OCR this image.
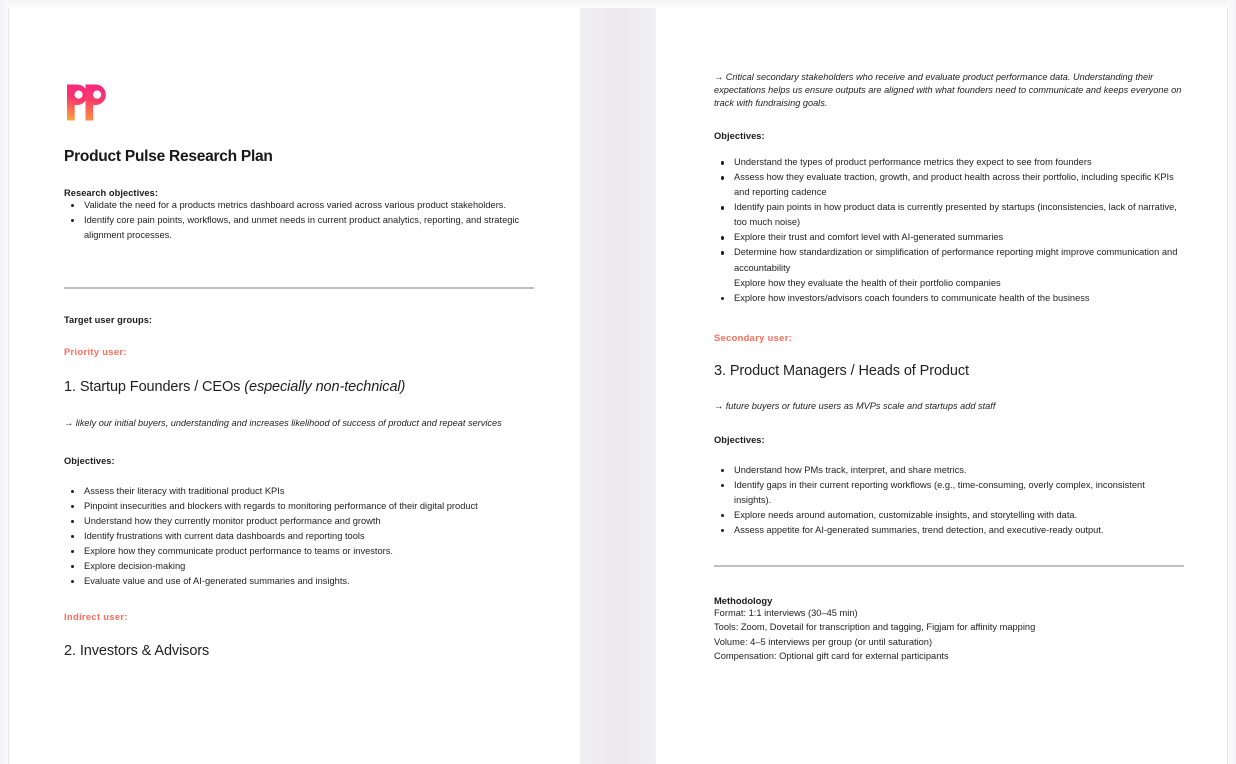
Product Pulse Research Plan
Research objectives:
Validate the need for a products metrics dashboard across varied across various product stakeholders.
Identify core pain points, workflows, and unmet needs in current product analytics, reporting, and strategic alignment processes.
Target user groups:
Priority user:
1. Startup Founders / CEOs (especially non-technical)
→ likely our initial buyers, understanding and increases likelihood of success of product and repeat services
Objectives:
Assess their literacy with traditional product KPIs
Pinpoint insecurities and blockers with regards to monitoring performance of their digital product
Understand how they currently monitor product performance and growth
Identify frustrations with current data dashboards and reporting tools
Explore how they communicate product performance to teams or investors.
Explore decision-making
Evaluate value and use of AI-generated summaries and insights.
Indirect user:
2. Investors & Advisors
→ Critical secondary stakeholders who receive and evaluate product performance data. Understanding their expectations helps us ensure outputs are aligned with what founders need to communicate and keeps everyone on track with fundraising goals.
Objectives:
Understand the types of product performance metrics they expect to see from founders
Assess how they evaluate traction, growth, and product health across their portfolio, including specific KPIs and reporting cadence
Identify pain points in how product data is currently presented by startups (inconsistencies, lack of narrative, too much noise)
Explore their trust and comfort level with AI-generated summaries
Determine how standardization or simplification of performance reporting might improve communication and accountability
Explore how they evaluate the health of their portfolio companies
Explore how investors/advisors coach founders to communicate health of the business
Secondary user:
3. Product Managers / Heads of Product
→ future buyers or future users as MVPs scale and startups add staff
Objectives:
Understand how PMs track, interpret, and share metrics.
Identify gaps in their current reporting workflows (e.g., time-consuming, overly complex, inconsistent insights).
Explore needs around automation, customizable insights, and storytelling with data.
Assess appetite for AI-generated summaries, trend detection, and executive-ready output.
Methodology
Format: 1:1 interviews (30–45 min)
Tools: Zoom, Dovetail for transcription and tagging, Figjam for affinity mapping
Volume: 4–5 interviews per group (or until saturation)
Compensation: Optional gift card for external participants
